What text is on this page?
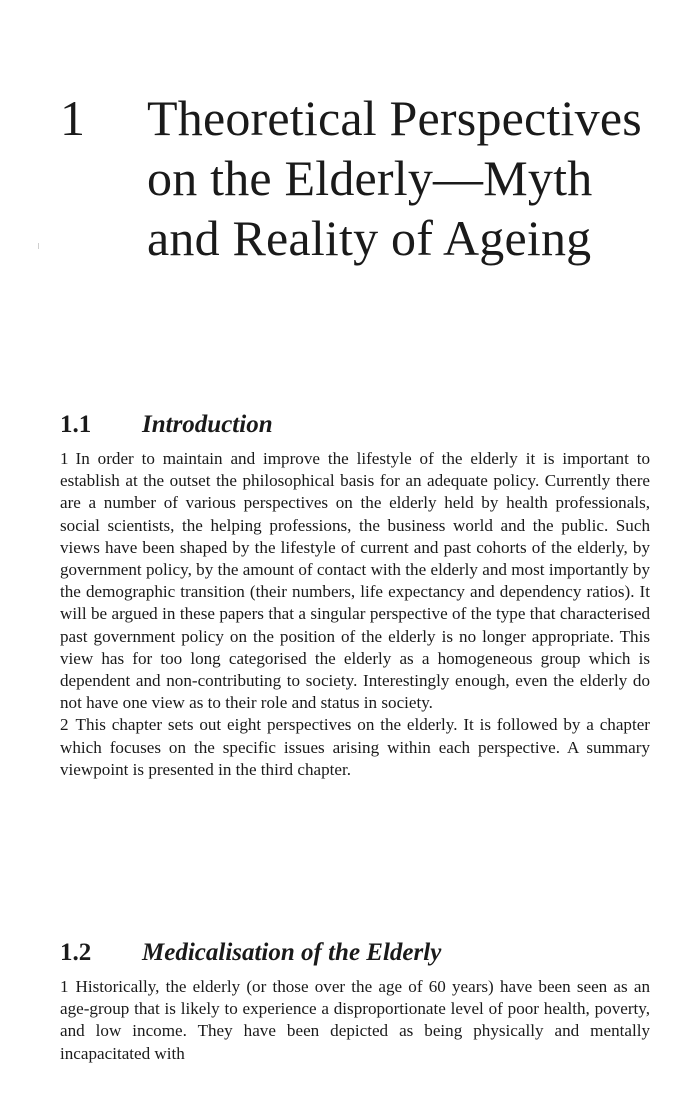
1 Theoretical Perspectives on the Elderly—Myth and Reality of Ageing
1.1 Introduction

1 In order to maintain and improve the lifestyle of the elderly it is important to establish at the outset the philosophical basis for an adequate policy. Currently there are a number of various perspectives on the elderly held by health professionals, social scientists, the helping professions, the business world and the public. Such views have been shaped by the lifestyle of current and past cohorts of the elderly, by government policy, by the amount of contact with the elderly and most importantly by the demographic transition (their numbers, life expectancy and dependency ratios). It will be argued in these papers that a singular perspective of the type that characterised past government policy on the position of the elderly is no longer appropriate. This view has for too long categorised the elderly as a homogeneous group which is dependent and non-contributing to society. Interestingly enough, even the elderly do not have one view as to their role and status in society.

2 This chapter sets out eight perspectives on the elderly. It is followed by a chapter which focuses on the specific issues arising within each perspective. A summary viewpoint is presented in the third chapter.

1.2 Medicalisation of the Elderly

1 Historically, the elderly (or those over the age of 60 years) have been seen as an age-group that is likely to experience a disproportionate level of poor health, poverty, and low income. They have been depicted as being physically and mentally incapacitated with
